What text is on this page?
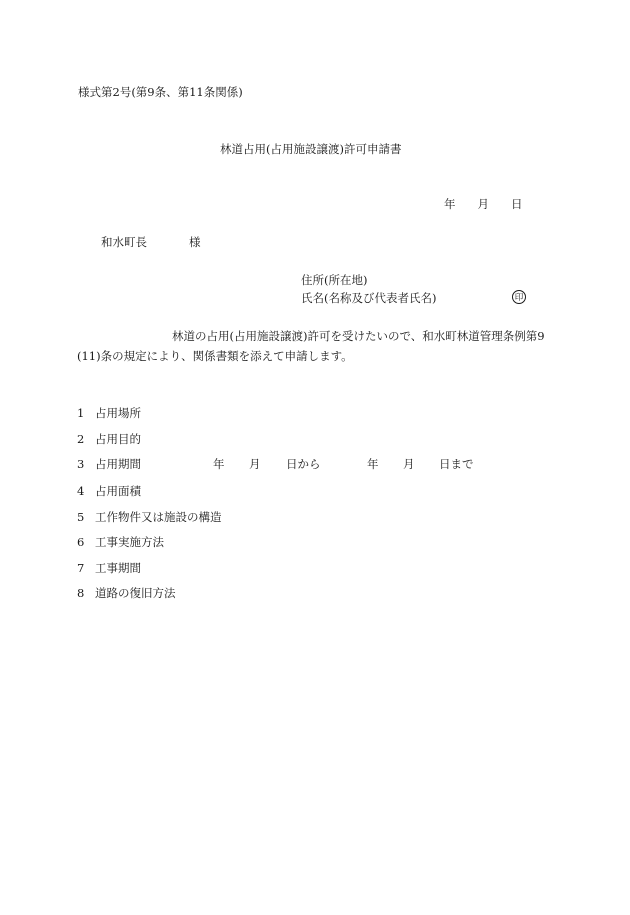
様式第2号(第9条、第11条関係)
林道占用(占用施設譲渡)許可申請書
年 月 日
和水町長	様
住所(所在地)
氏名(名称及び代表者氏名)	印
林道の占用(占用施設譲渡)許可を受けたいので、和水町林道管理条例第9
(11)条の規定により、関係書類を添えて申請します。
1 占用場所
2 占用目的
3 占用期間
4 占用面積
5 工作物件又は施設の構造
6 工事実施方法
7 工事期間
8 道路の復旧方法
年 月 日から	年 月 日まで
